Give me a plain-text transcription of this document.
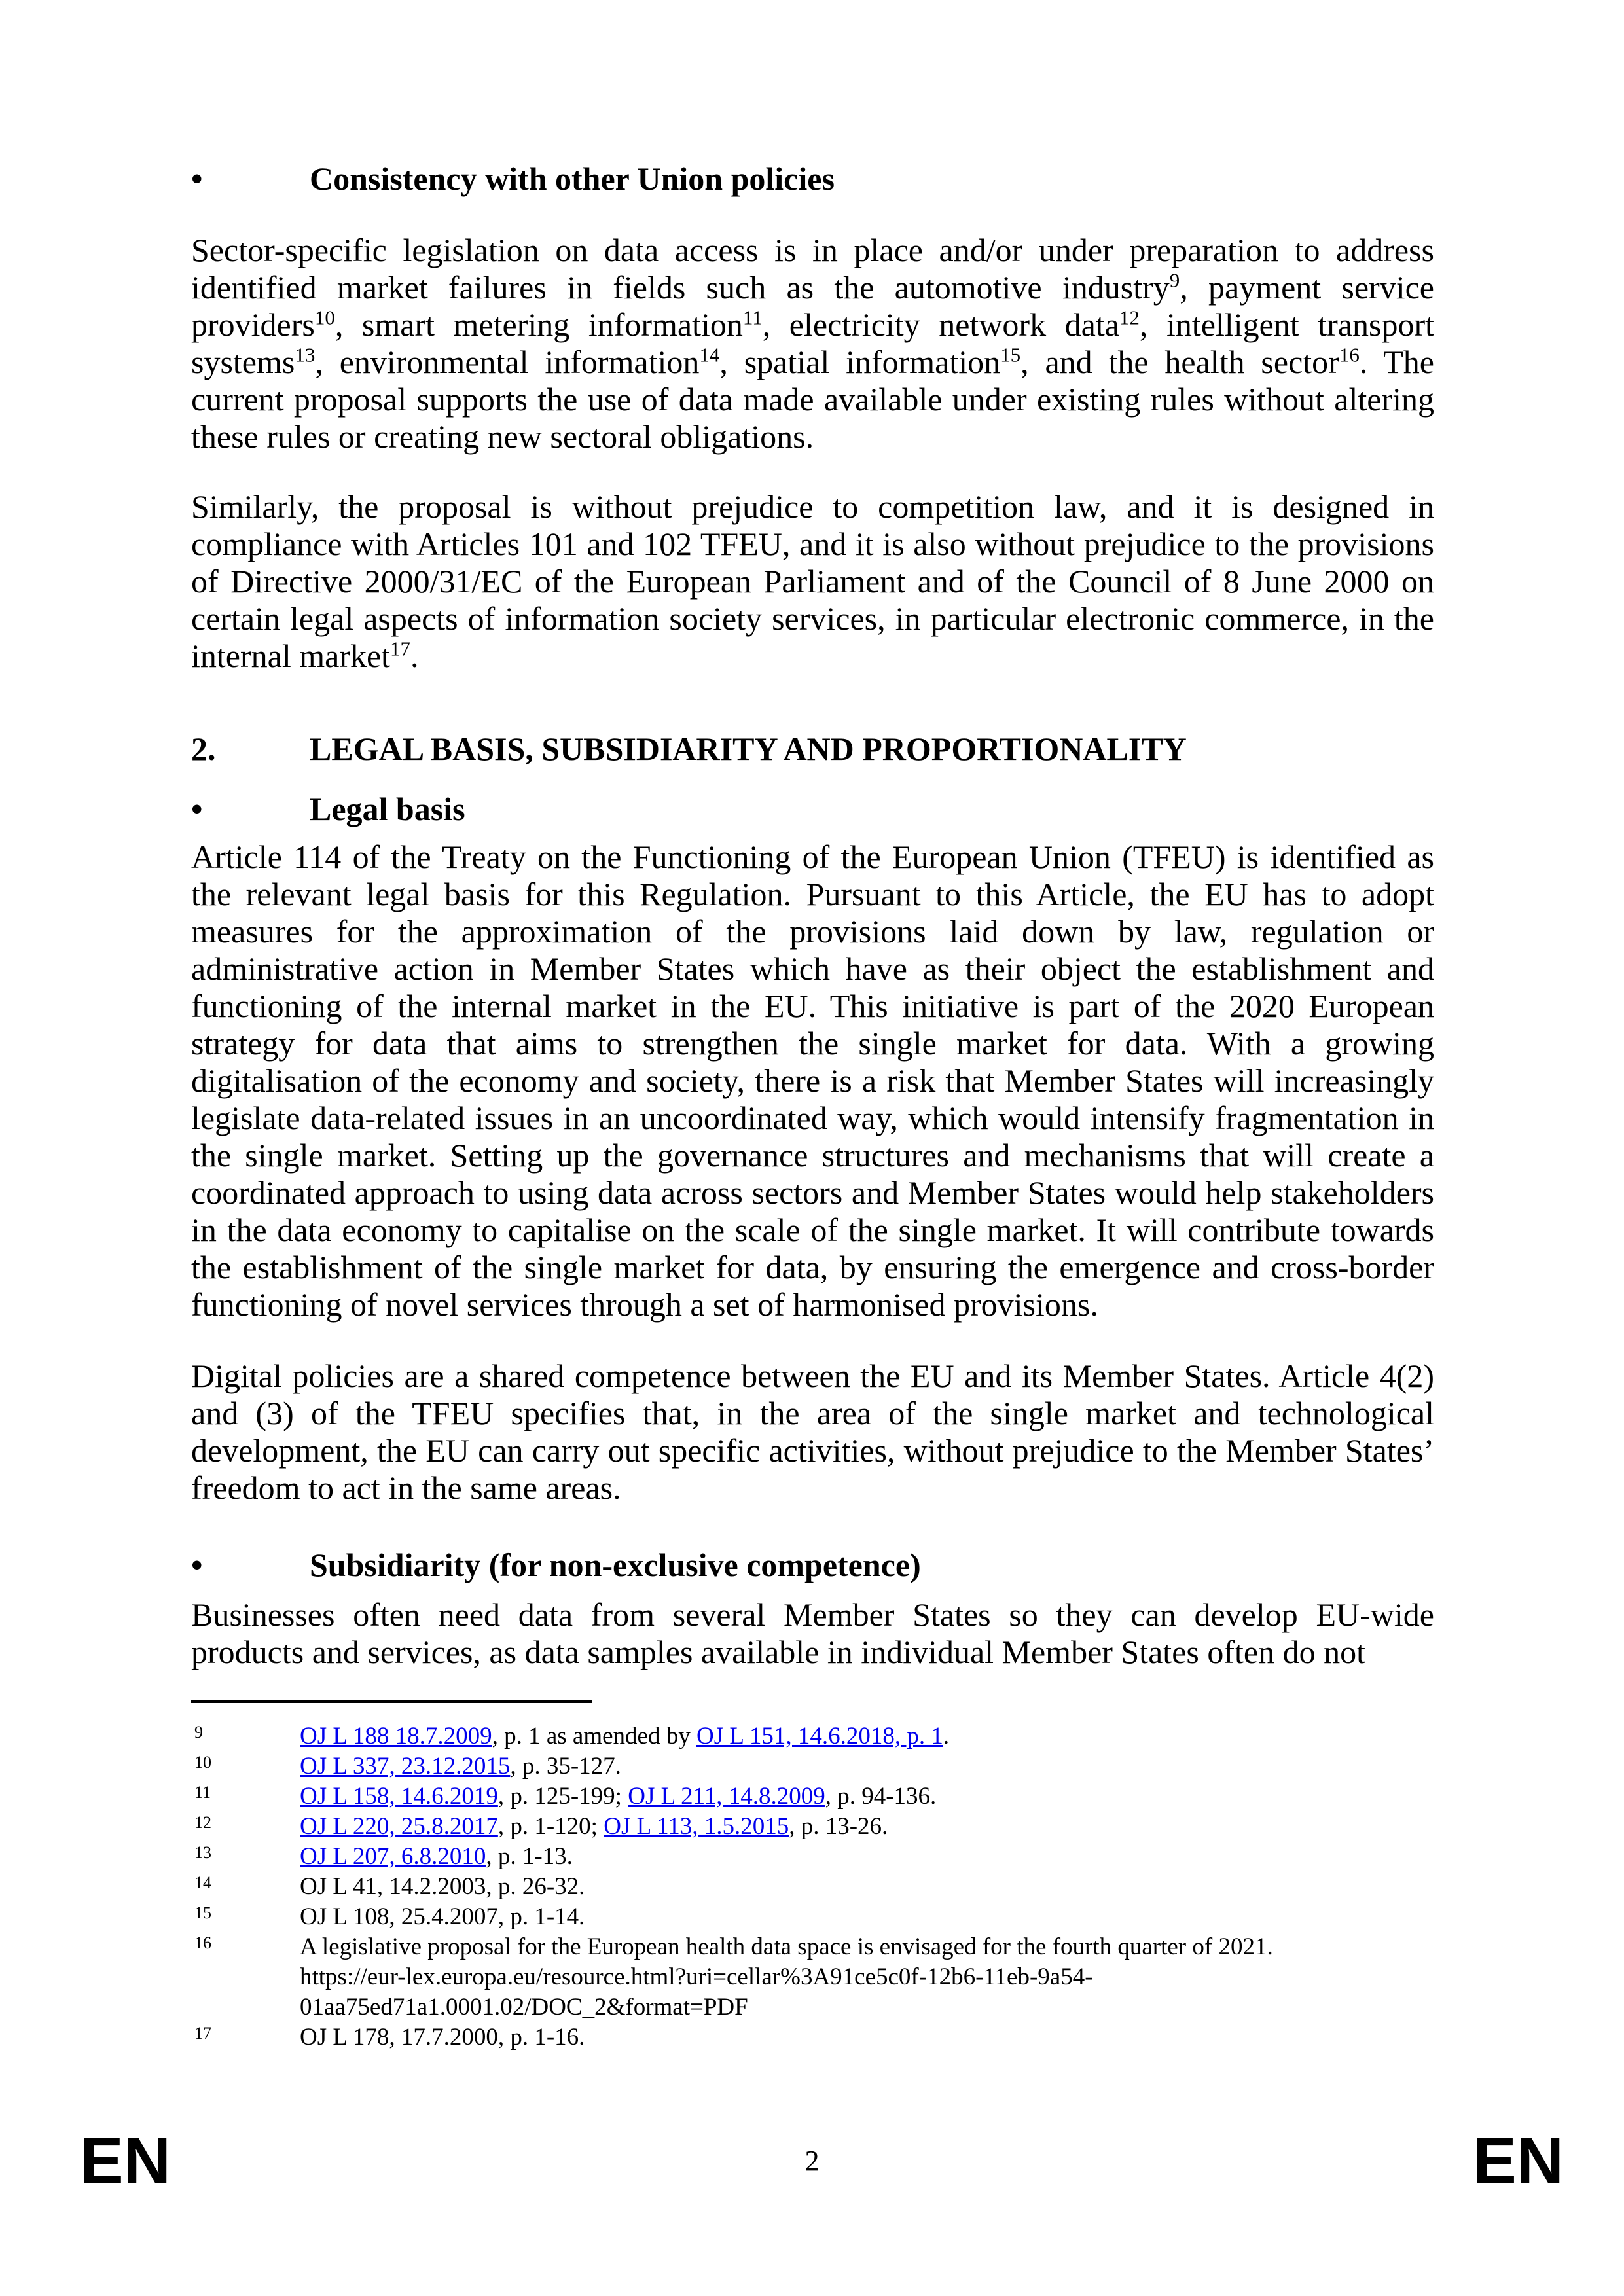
•	Consistency with other Union policies

Sector-specific legislation on data access is in place and/or under preparation to address identified market failures in fields such as the automotive industry$^9$, payment service providers$^{10}$, smart metering information$^{11}$, electricity network data$^{12}$, intelligent transport systems$^{13}$, environmental information$^{14}$, spatial information$^{15}$, and the health sector$^{16}$. The current proposal supports the use of data made available under existing rules without altering these rules or creating new sectoral obligations.

Similarly, the proposal is without prejudice to competition law, and it is designed in compliance with Articles 101 and 102 TFEU, and it is also without prejudice to the provisions of Directive 2000/31/EC of the European Parliament and of the Council of 8 June 2000 on certain legal aspects of information society services, in particular electronic commerce, in the internal market$^{17}$.

2.	LEGAL BASIS, SUBSIDIARITY AND PROPORTIONALITY
•	Legal basis

Article 114 of the Treaty on the Functioning of the European Union (TFEU) is identified as the relevant legal basis for this Regulation. Pursuant to this Article, the EU has to adopt measures for the approximation of the provisions laid down by law, regulation or administrative action in Member States which have as their object the establishment and functioning of the internal market in the EU. This initiative is part of the 2020 European strategy for data that aims to strengthen the single market for data. With a growing digitalisation of the economy and society, there is a risk that Member States will increasingly legislate data-related issues in an uncoordinated way, which would intensify fragmentation in the single market. Setting up the governance structures and mechanisms that will create a coordinated approach to using data across sectors and Member States would help stakeholders in the data economy to capitalise on the scale of the single market. It will contribute towards the establishment of the single market for data, by ensuring the emergence and cross-border functioning of novel services through a set of harmonised provisions.

Digital policies are a shared competence between the EU and its Member States. Article 4(2) and (3) of the TFEU specifies that, in the area of the single market and technological development, the EU can carry out specific activities, without prejudice to the Member States’ freedom to act in the same areas.

•	Subsidiarity (for non-exclusive competence)

Businesses often need data from several Member States so they can develop EU-wide products and services, as data samples available in individual Member States often do not

9	OJ L 188 18.7.2009, p. 1 as amended by OJ L 151, 14.6.2018, p. 1.
10	OJ L 337, 23.12.2015, p. 35-127.
11	OJ L 158, 14.6.2019, p. 125-199; OJ L 211, 14.8.2009, p. 94-136.
12	OJ L 220, 25.8.2017, p. 1-120; OJ L 113, 1.5.2015, p. 13-26.
13	OJ L 207, 6.8.2010, p. 1-13.
14	OJ L 41, 14.2.2003, p. 26-32.
15	OJ L 108, 25.4.2007, p. 1-14.
16	A legislative proposal for the European health data space is envisaged for the fourth quarter of 2021.
https://eur-lex.europa.eu/resource.html?uri=cellar%3A91ce5c0f-12b6-11eb-9a54-
01aa75ed71a1.0001.02/DOC_2&format=PDF
17	OJ L 178, 17.7.2000, p. 1-16.
EN	2	EN
